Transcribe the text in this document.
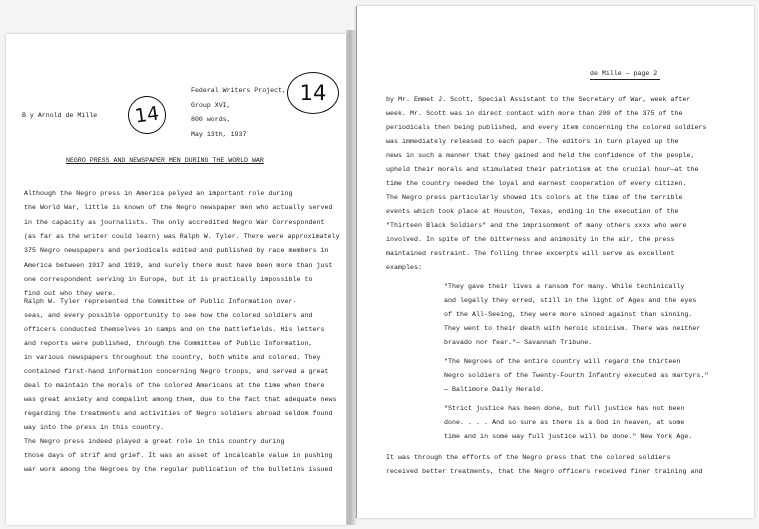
B y Arnold de Mille	14
Federal Writers Project,
Group XVI,
800 words,
May 13th, 1937
14
NEGRO PRESS AND NEWSPAPER MEN DURING THE WORLD WAR
Although the Negro press in America pelyed an important role during
the World War, little is known of the Negro newspaper men who actually served
in the capacity as journalists. The only accredited Negro War Correspondent
(as far as the writer could learn) was Ralph W. Tyler. There were approximately
375 Negro newspapers and periodicals edited and published by race members in
America between 1917 and 1919, and surely there must have been more than just
one correspondent serving in Europe, but it is practically impossible to
find out who they were.
Ralph W. Tyler represented the Committee of Public Information over-
seas, and every possible opportunity to see how the colored soldiers and
officers conducted themselves in camps and on the battlefields. His letters
and reports were published, through the Committee of Public Information,
in various newspapers throughout the country, both white and colored. They
contained first-hand information concerning Negro troops, and served a great
deal to maintain the morals of the colored Americans at the time when there
was great anxiety and compalint among them, due to the fact that adequate news
regarding the treatments and activities of Negro soldiers abroad seldom found
way into the press in this country.
The Negro press indeed played a great role in this country during
those days of strif and grief. It was an asset of incalcable value in pushing
war work among the Negroes by the regular publication of the bulletins issued
de Mille — page 2
by Mr. Emmet J. Scott, Special Assistant to the Secretary of War, week after
week. Mr. Scott was in direct contact with more than 200 of the 375 of the
periodicals then being published, and every item concerning the colored soldiers
was immediately released to each paper. The editors in turn played up the
news in such a manner that they gained and held the confidence of the people,
upheld their morals and stimulated their patriotism at the crucial hour—at the
time the country needed the loyal and earnest cooperation of every citizen.
The Negro press particularly showed its colors at the time of the terrible
events which took place at Houston, Texas, ending in the execution of the
"Thirteen Black Soldiers" and the imprisonment of many others xxxx who were
involved. In spite of the bitterness and animosity in the air, the press
maintained restraint. The folling three excerpts will serve as excellent
examples:
"They gave their lives a ransom for many. While techinically
and legally they erred, still in the light of Ages and the eyes
of the All-Seeing, they were more sinned against than sinning.
They went to their death with heroic stoicism. There was neither
bravado nor fear."— Savannah Tribune.
"The Negroes of the entire country will regard the thirteen
Negro soldiers of the Twenty-Fourth Infantry executed as martyrs."
— Baltimore Daily Herald.
"Strict justice has been done, but full justice has not been
done. . . . And so sure as there is a God in heaven, at some
time and in some way full justice will be done." New York Age.
It was through the efforts of the Negro press that the colored soldiers
received better treatments, that the Negro officers received finer training and
